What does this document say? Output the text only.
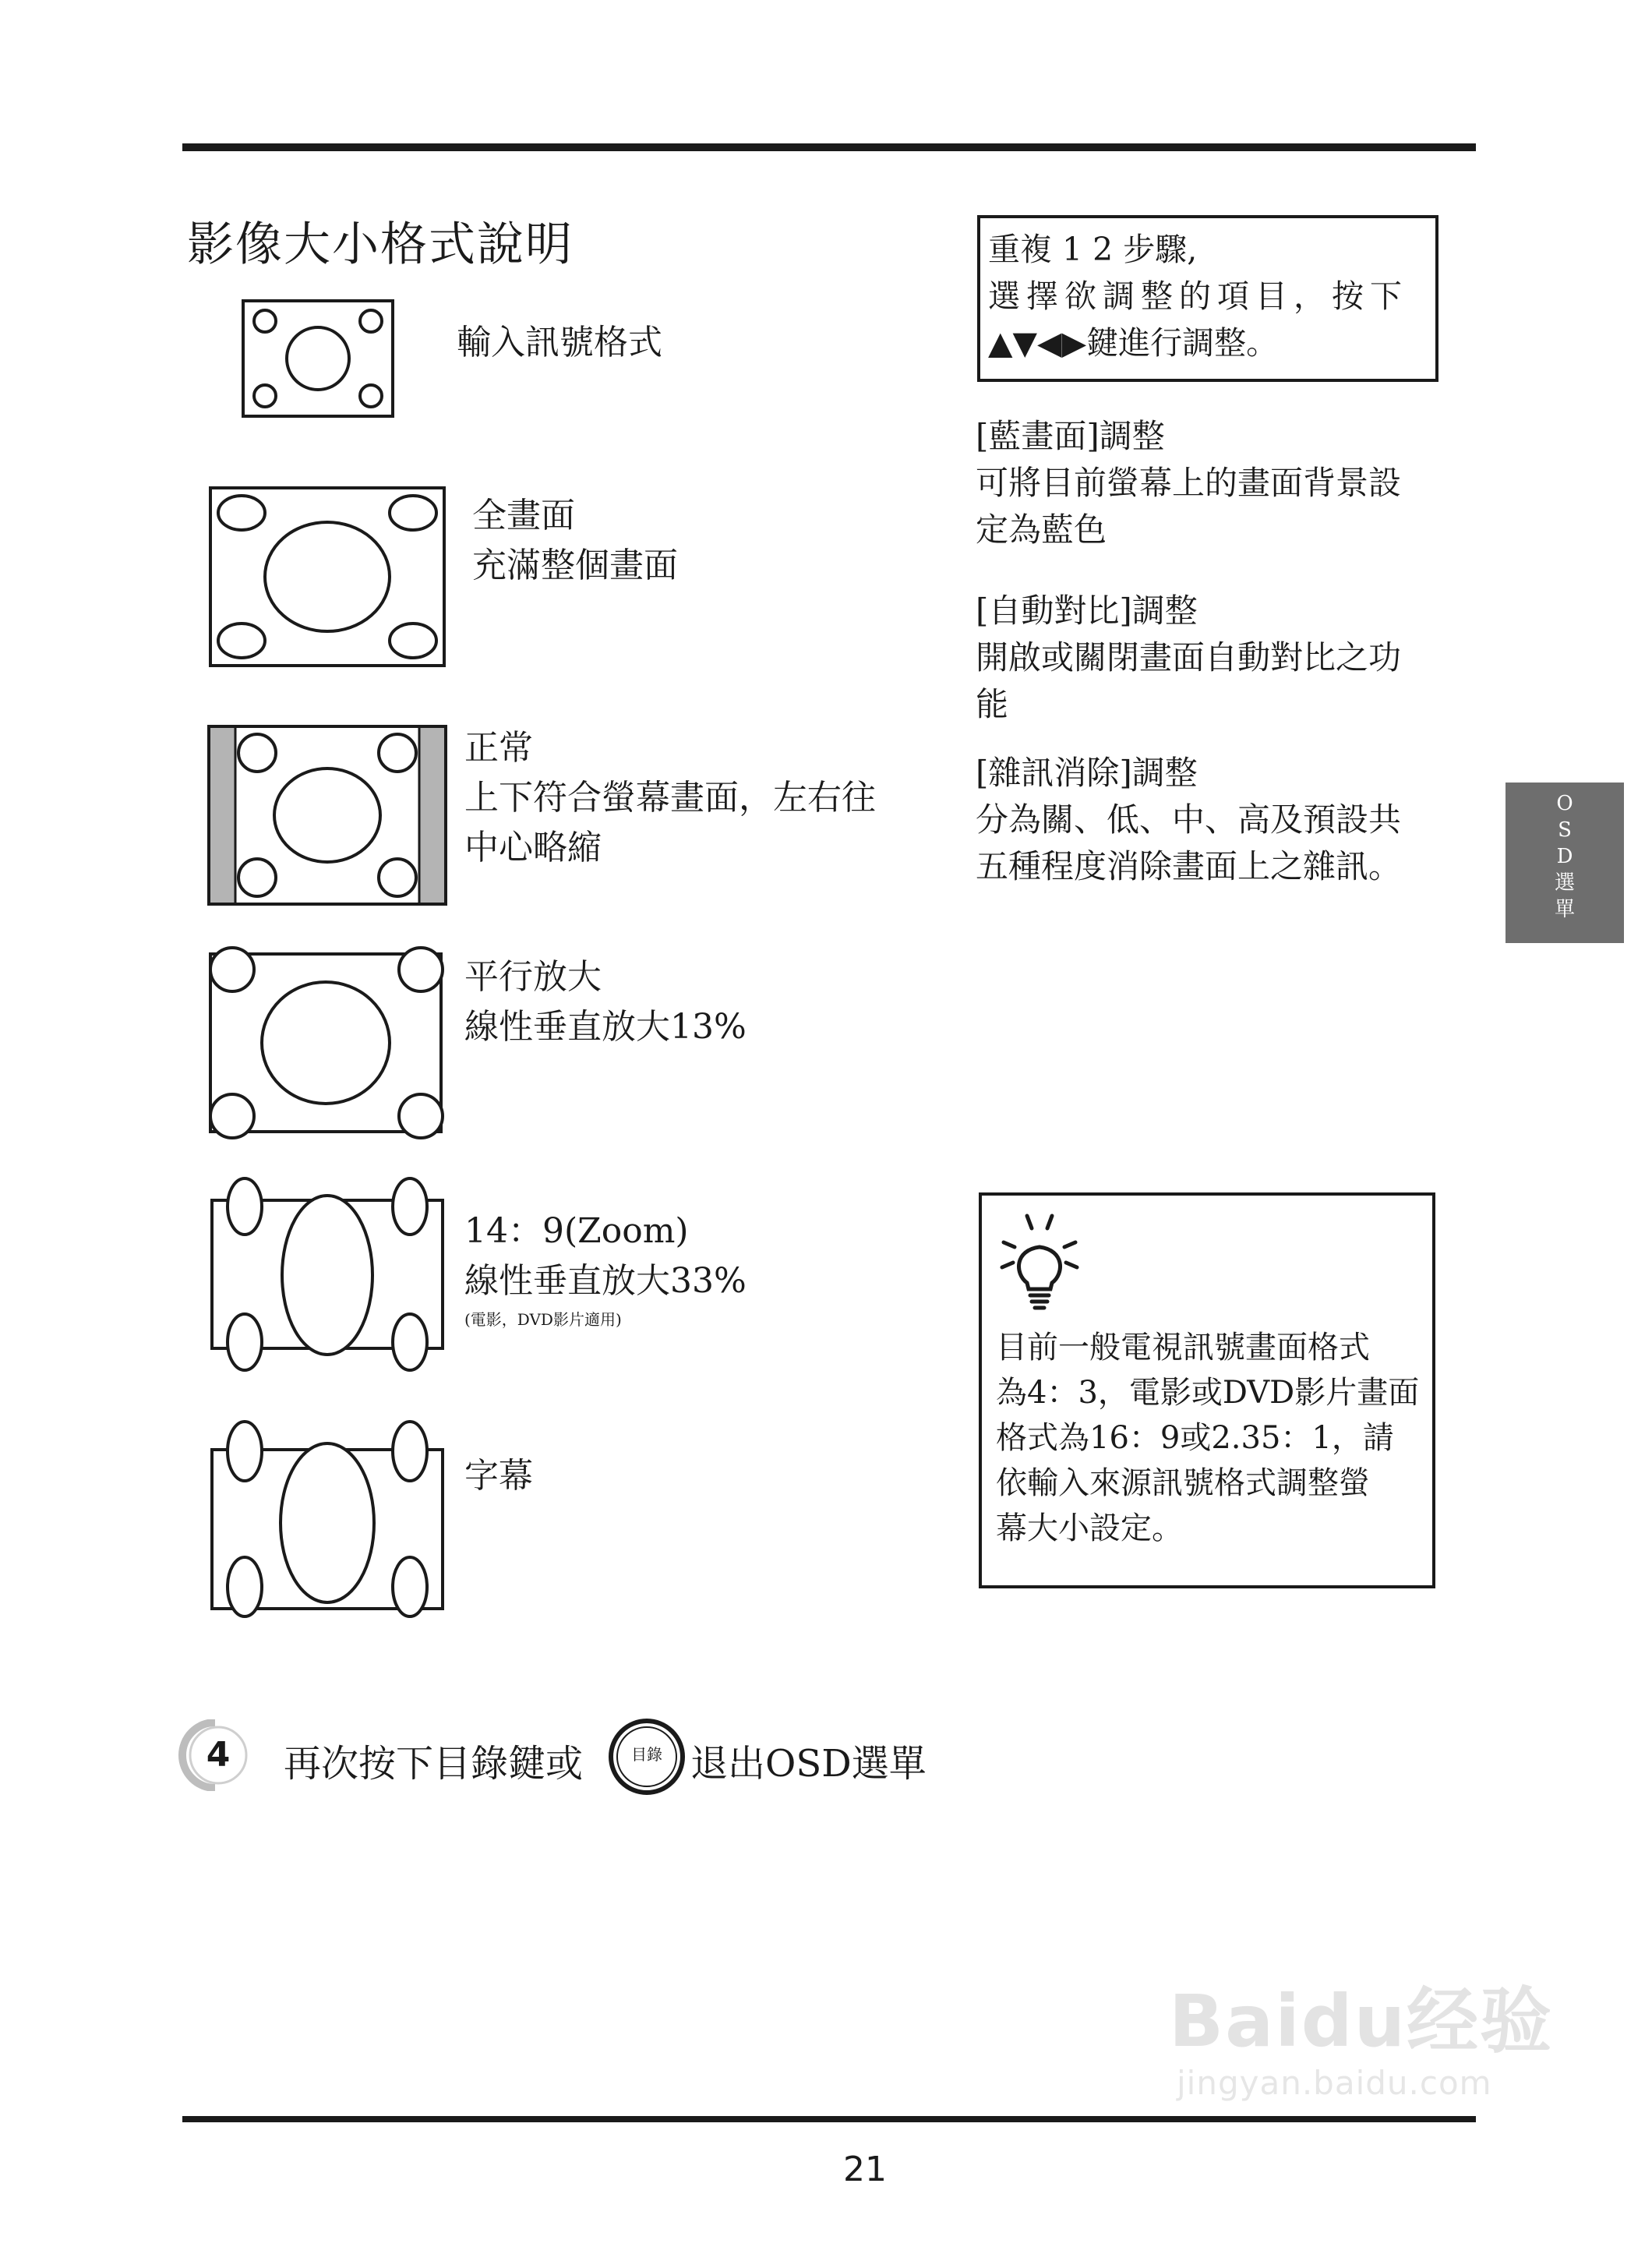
影像大小格式說明
輸入訊號格式
全畫面
充滿整個畫面
正常
上下符合螢幕畫面，左右往
中心略縮
平行放大
線性垂直放大13%
14：9(Zoom)
線性垂直放大33%
(電影，DVD影片適用)
字幕
重複 1 2 步驟,
選擇欲調整的項目，按下
▲▼◀▶鍵進行調整。
[藍畫面]調整
可將目前螢幕上的畫面背景設
定為藍色
[自動對比]調整
開啟或關閉畫面自動對比之功
能
[雜訊消除]調整
分為關、低、中、高及預設共
五種程度消除畫面上之雜訊。
O
S
D
選
單
目前一般電視訊號畫面格式
為4：3，電影或DVD影片畫面
格式為16：9或2.35：1，請
依輸入來源訊號格式調整螢
幕大小設定。
4 再次按下目錄鍵或	目錄 退出OSD選單
Baidu经验
jingyan.baidu.com
21
